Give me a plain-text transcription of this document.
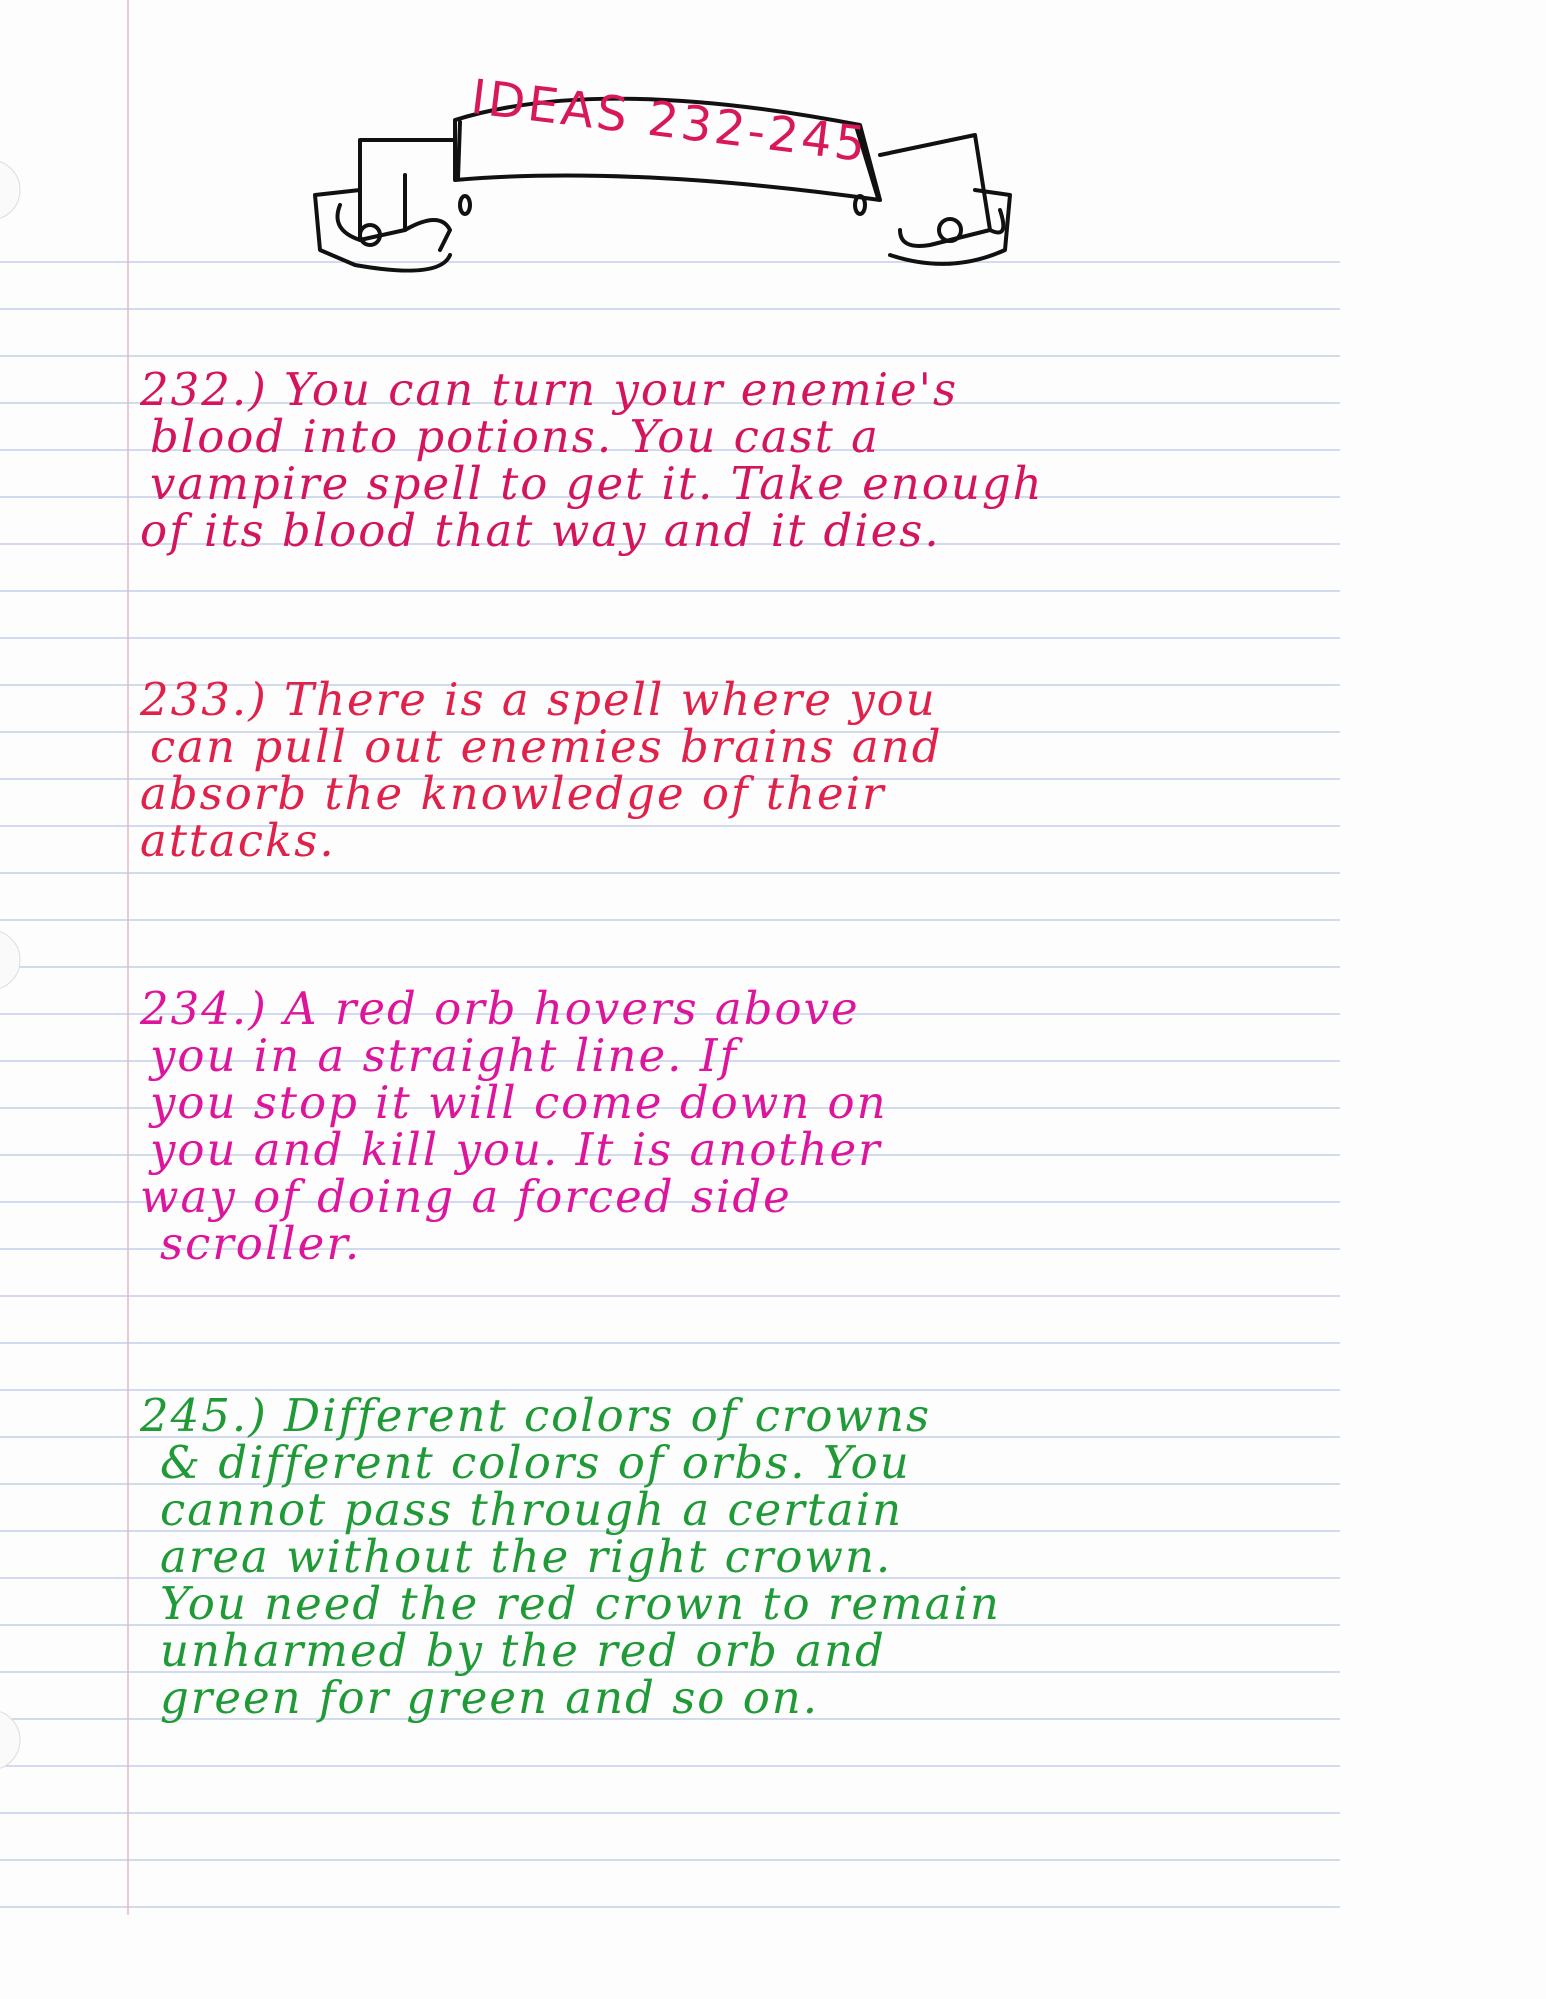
IDEAS 232-245
232.) You can turn your enemie's
blood into potions. You cast a
vampire spell to get it. Take enough
of its blood that way and it dies.
233.) There is a spell where you
can pull out enemies brains and
absorb the knowledge of their
attacks.
234.) A red orb hovers above
you in a straight line. If
you stop it will come down on
you and kill you. It is another
way of doing a forced side
scroller.
245.) Different colors of crowns
& different colors of orbs. You
cannot pass through a certain
area without the right crown.
You need the red crown to remain
unharmed by the red orb and
green for green and so on.
